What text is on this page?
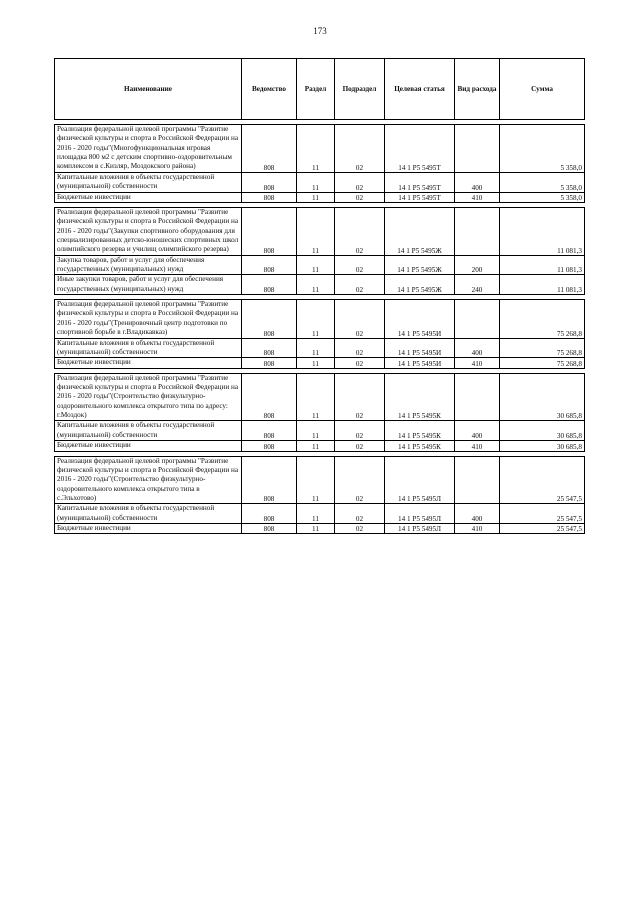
173
Наименование	Ведомство	Раздел	Подраздел	Целевая статья	Вид расхода	Сумма

Реализация федеральной целевой программы "Развитие физической культуры и спорта в Российской Федерации на 2016 - 2020 годы"(Многофункциональная игровая площадка 800 м2 с детским спортивно-оздоровительным комплексом в с.Кизляр, Моздокского района)	808	11	02	14 1 P5 5495Т		5 358,0
Капитальные вложения в объекты государственной (муниципальной) собственности	808	11	02	14 1 P5 5495Т	400	5 358,0
Бюджетные инвестиции	808	11	02	14 1 P5 5495Т	410	5 358,0

Реализация федеральной целевой программы "Развитие физической культуры и спорта в Российской Федерации на 2016 - 2020 годы"(Закупки спортивного оборудования для специализированных детско-юношеских спортивных школ олимпийского резерва и училищ олимпийского резерва)	808	11	02	14 1 P5 5495Ж		11 081,3
Закупка товаров, работ и услуг для обеспечения государственных (муниципальных) нужд	808	11	02	14 1 P5 5495Ж	200	11 081,3
Иные закупки товаров, работ и услуг для обеспечения государственных (муниципальных) нужд	808	11	02	14 1 P5 5495Ж	240	11 081,3

Реализация федеральной целевой программы "Развитие физической культуры и спорта в Российской Федерации на 2016 - 2020 годы"(Тренировочный центр подготовки по спортивной борьбе в г.Владикавказ)	808	11	02	14 1 P5 5495И		75 268,8
Капитальные вложения в объекты государственной (муниципальной) собственности	808	11	02	14 1 P5 5495И	400	75 268,8
Бюджетные инвестиции	808	11	02	14 1 P5 5495И	410	75 268,8

Реализация федеральной целевой программы "Развитие физической культуры и спорта в Российской Федерации на 2016 - 2020 годы"(Строительство физкультурно-оздоровительного комплекса открытого типа по адресу: г.Моздок)	808	11	02	14 1 P5 5495К		30 685,8
Капитальные вложения в объекты государственной (муниципальной) собственности	808	11	02	14 1 P5 5495К	400	30 685,8
Бюджетные инвестиции	808	11	02	14 1 P5 5495К	410	30 685,8

Реализация федеральной целевой программы "Развитие физической культуры и спорта в Российской Федерации на 2016 - 2020 годы"(Строительство физкультурно-оздоровительного комплекса открытого типа в с.Эльхотово)	808	11	02	14 1 P5 5495Л		25 547,5
Капитальные вложения в объекты государственной (муниципальной) собственности	808	11	02	14 1 P5 5495Л	400	25 547,5
Бюджетные инвестиции	808	11	02	14 1 P5 5495Л	410	25 547,5
